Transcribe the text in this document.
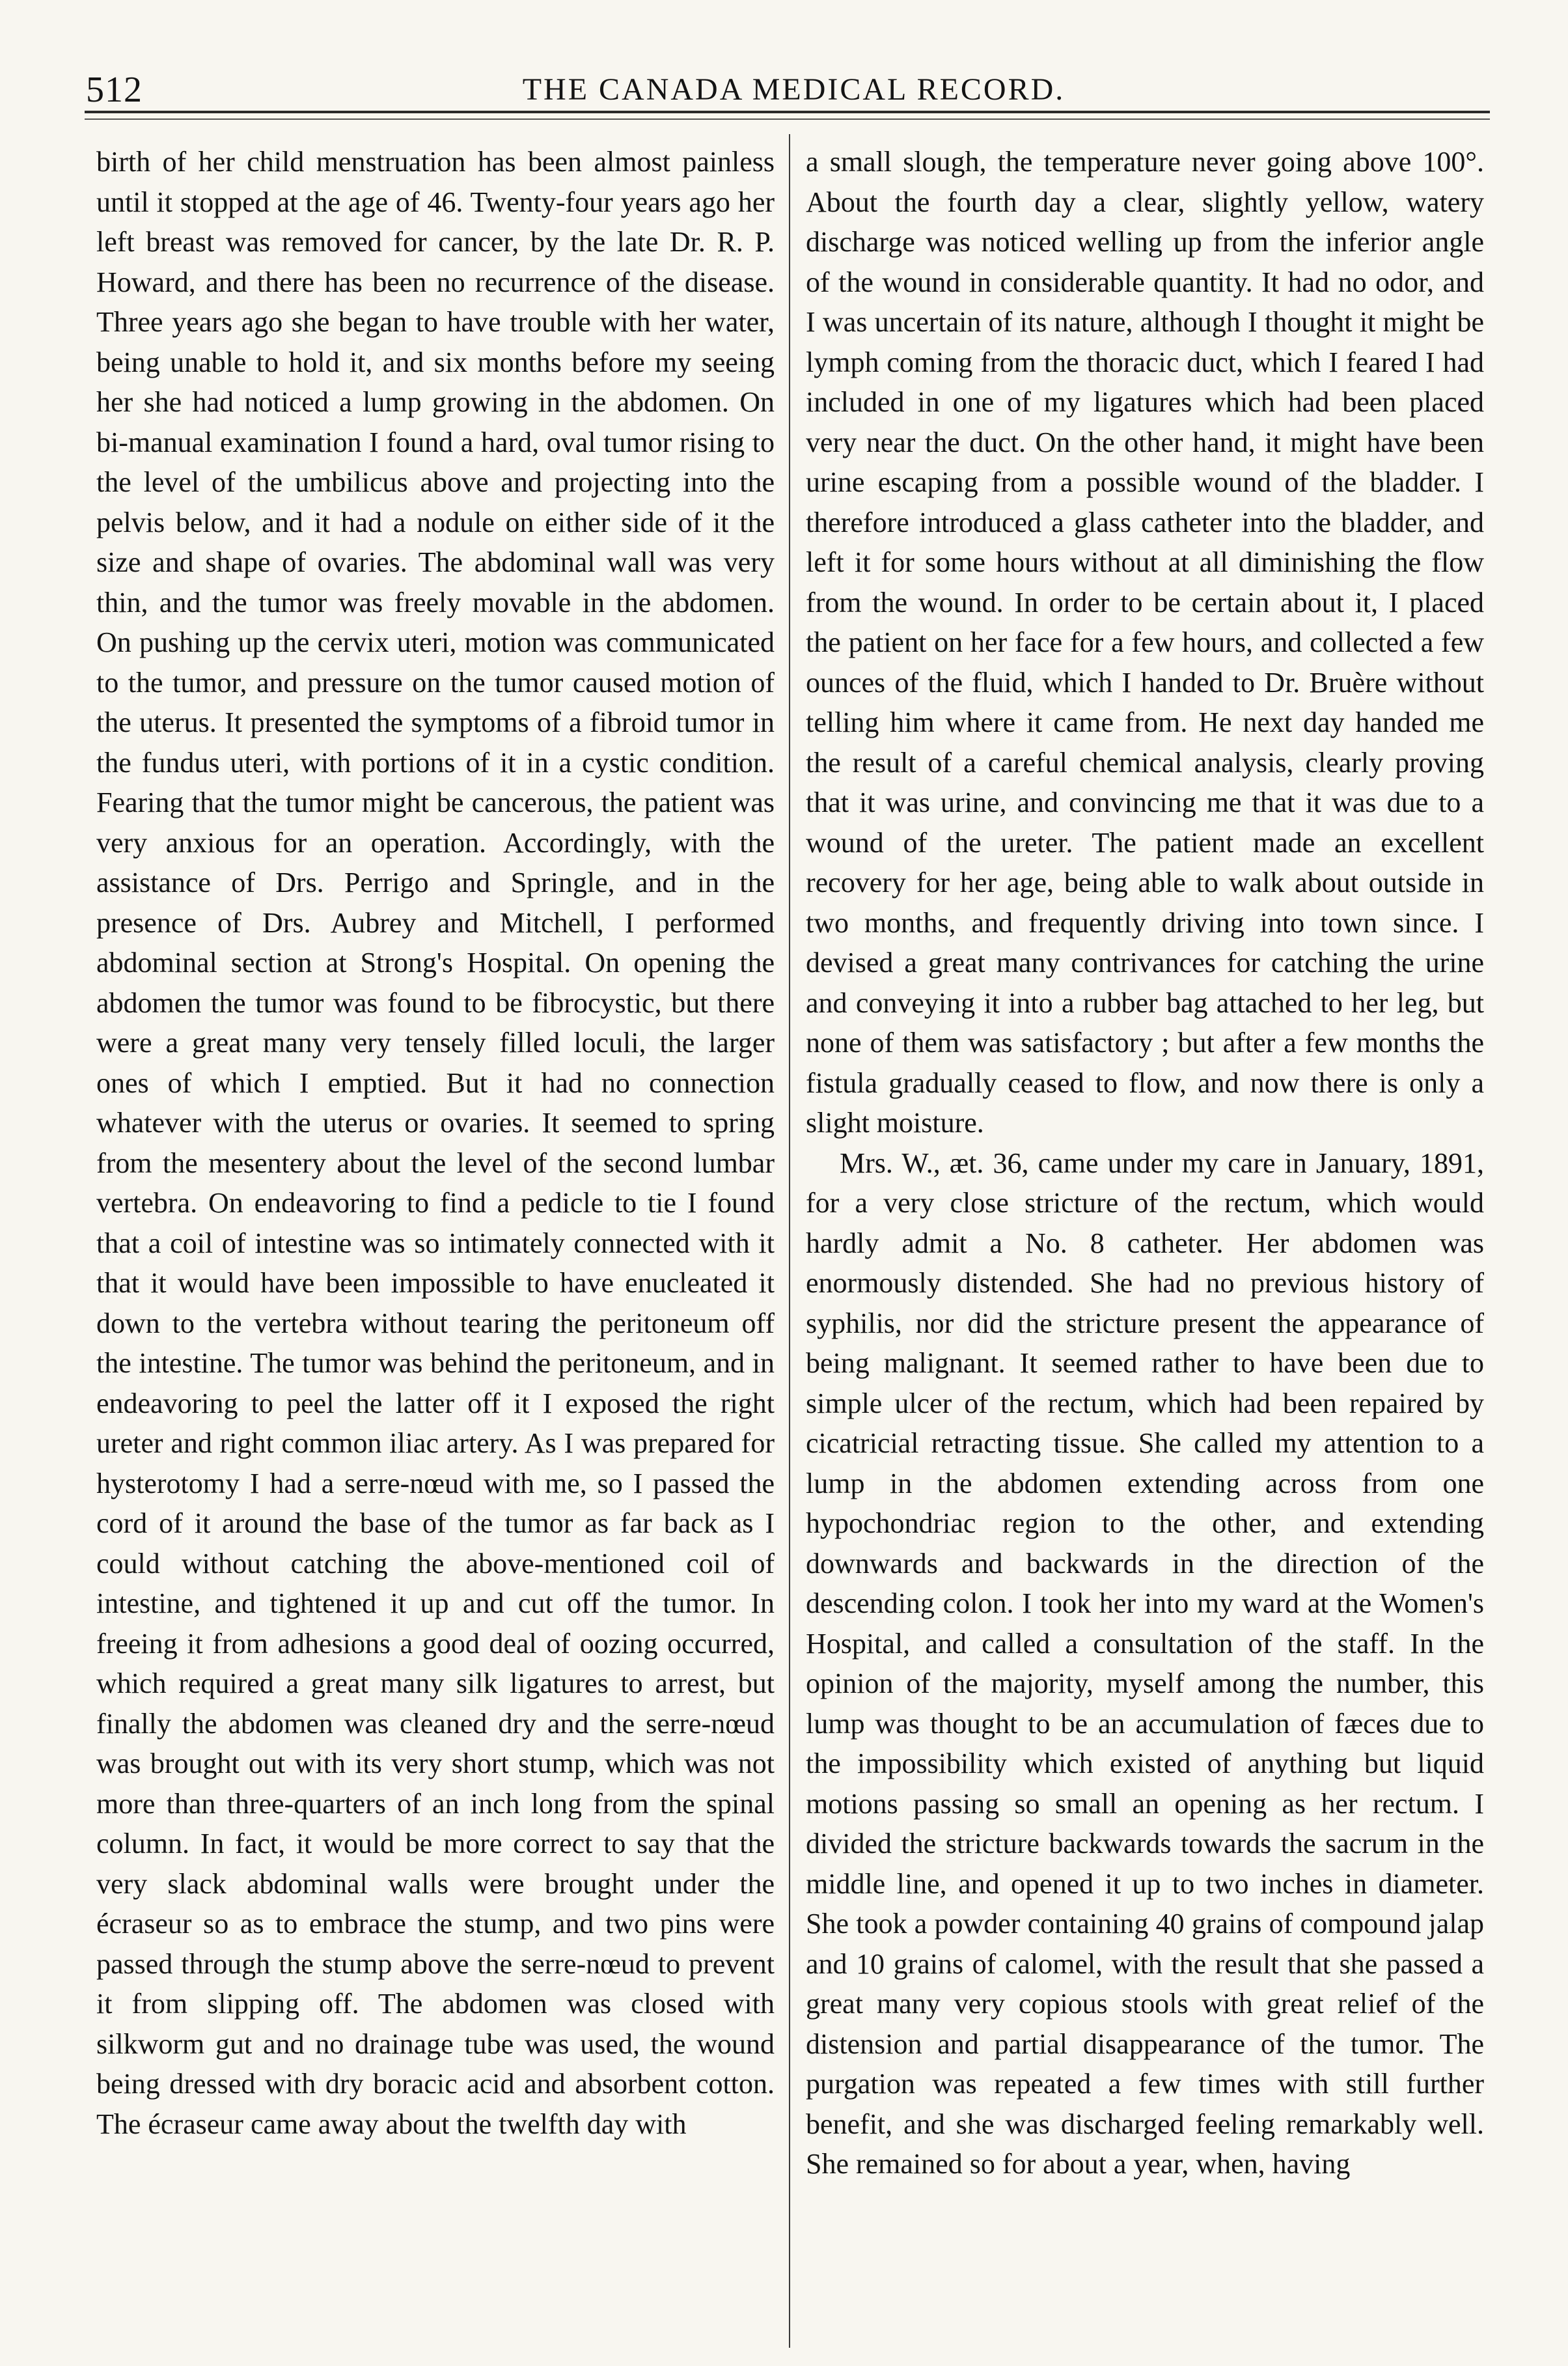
512	THE CANADA MEDICAL RECORD.

birth of her child menstruation has been almost painless until it stopped at the age of 46. Twenty-four years ago her left breast was removed for cancer, by the late Dr. R. P. Howard, and there has been no recurrence of the disease. Three years ago she began to have trouble with her water, being unable to hold it, and six months before my seeing her she had noticed a lump growing in the abdomen. On bi-manual examination I found a hard, oval tumor rising to the level of the umbilicus above and projecting into the pelvis below, and it had a nodule on either side of it the size and shape of ovaries. The abdominal wall was very thin, and the tumor was freely movable in the abdomen. On pushing up the cervix uteri, motion was communicated to the tumor, and pressure on the tumor caused motion of the uterus. It presented the symptoms of a fibroid tumor in the fundus uteri, with portions of it in a cystic condition. Fearing that the tumor might be cancerous, the patient was very anxious for an operation. Accordingly, with the assistance of Drs. Perrigo and Springle, and in the presence of Drs. Aubrey and Mitchell, I performed abdominal section at Strong's Hospital. On opening the abdomen the tumor was found to be fibrocystic, but there were a great many very tensely filled loculi, the larger ones of which I emptied. But it had no connection whatever with the uterus or ovaries. It seemed to spring from the mesentery about the level of the second lumbar vertebra. On endeavoring to find a pedicle to tie I found that a coil of intestine was so intimately connected with it that it would have been impossible to have enucleated it down to the vertebra without tearing the peritoneum off the intestine. The tumor was behind the peritoneum, and in endeavoring to peel the latter off it I exposed the right ureter and right common iliac artery. As I was prepared for hysterotomy I had a serre-nœud with me, so I passed the cord of it around the base of the tumor as far back as I could without catching the above-mentioned coil of intestine, and tightened it up and cut off the tumor. In freeing it from adhesions a good deal of oozing occurred, which required a great many silk ligatures to arrest, but finally the abdomen was cleaned dry and the serre-nœud was brought out with its very short stump, which was not more than three-quarters of an inch long from the spinal column. In fact, it would be more correct to say that the very slack abdominal walls were brought under the écraseur so as to embrace the stump, and two pins were passed through the stump above the serre-nœud to prevent it from slipping off. The abdomen was closed with silkworm gut and no drainage tube was used, the wound being dressed with dry boracic acid and absorbent cotton. The écraseur came away about the twelfth day with

a small slough, the temperature never going above 100°. About the fourth day a clear, slightly yellow, watery discharge was noticed welling up from the inferior angle of the wound in considerable quantity. It had no odor, and I was uncertain of its nature, although I thought it might be lymph coming from the thoracic duct, which I feared I had included in one of my ligatures which had been placed very near the duct. On the other hand, it might have been urine escaping from a possible wound of the bladder. I therefore introduced a glass catheter into the bladder, and left it for some hours without at all diminishing the flow from the wound. In order to be certain about it, I placed the patient on her face for a few hours, and collected a few ounces of the fluid, which I handed to Dr. Bruère without telling him where it came from. He next day handed me the result of a careful chemical analysis, clearly proving that it was urine, and convincing me that it was due to a wound of the ureter. The patient made an excellent recovery for her age, being able to walk about outside in two months, and frequently driving into town since. I devised a great many contrivances for catching the urine and conveying it into a rubber bag attached to her leg, but none of them was satisfactory ; but after a few months the fistula gradually ceased to flow, and now there is only a slight moisture.

Mrs. W., æt. 36, came under my care in January, 1891, for a very close stricture of the rectum, which would hardly admit a No. 8 catheter. Her abdomen was enormously distended. She had no previous history of syphilis, nor did the stricture present the appearance of being malignant. It seemed rather to have been due to simple ulcer of the rectum, which had been repaired by cicatricial retracting tissue. She called my attention to a lump in the abdomen extending across from one hypochondriac region to the other, and extending downwards and backwards in the direction of the descending colon. I took her into my ward at the Women's Hospital, and called a consultation of the staff. In the opinion of the majority, myself among the number, this lump was thought to be an accumulation of fæces due to the impossibility which existed of anything but liquid motions passing so small an opening as her rectum. I divided the stricture backwards towards the sacrum in the middle line, and opened it up to two inches in diameter. She took a powder containing 40 grains of compound jalap and 10 grains of calomel, with the result that she passed a great many very copious stools with great relief of the distension and partial disappearance of the tumor. The purgation was repeated a few times with still further benefit, and she was discharged feeling remarkably well. She remained so for about a year, when, having
